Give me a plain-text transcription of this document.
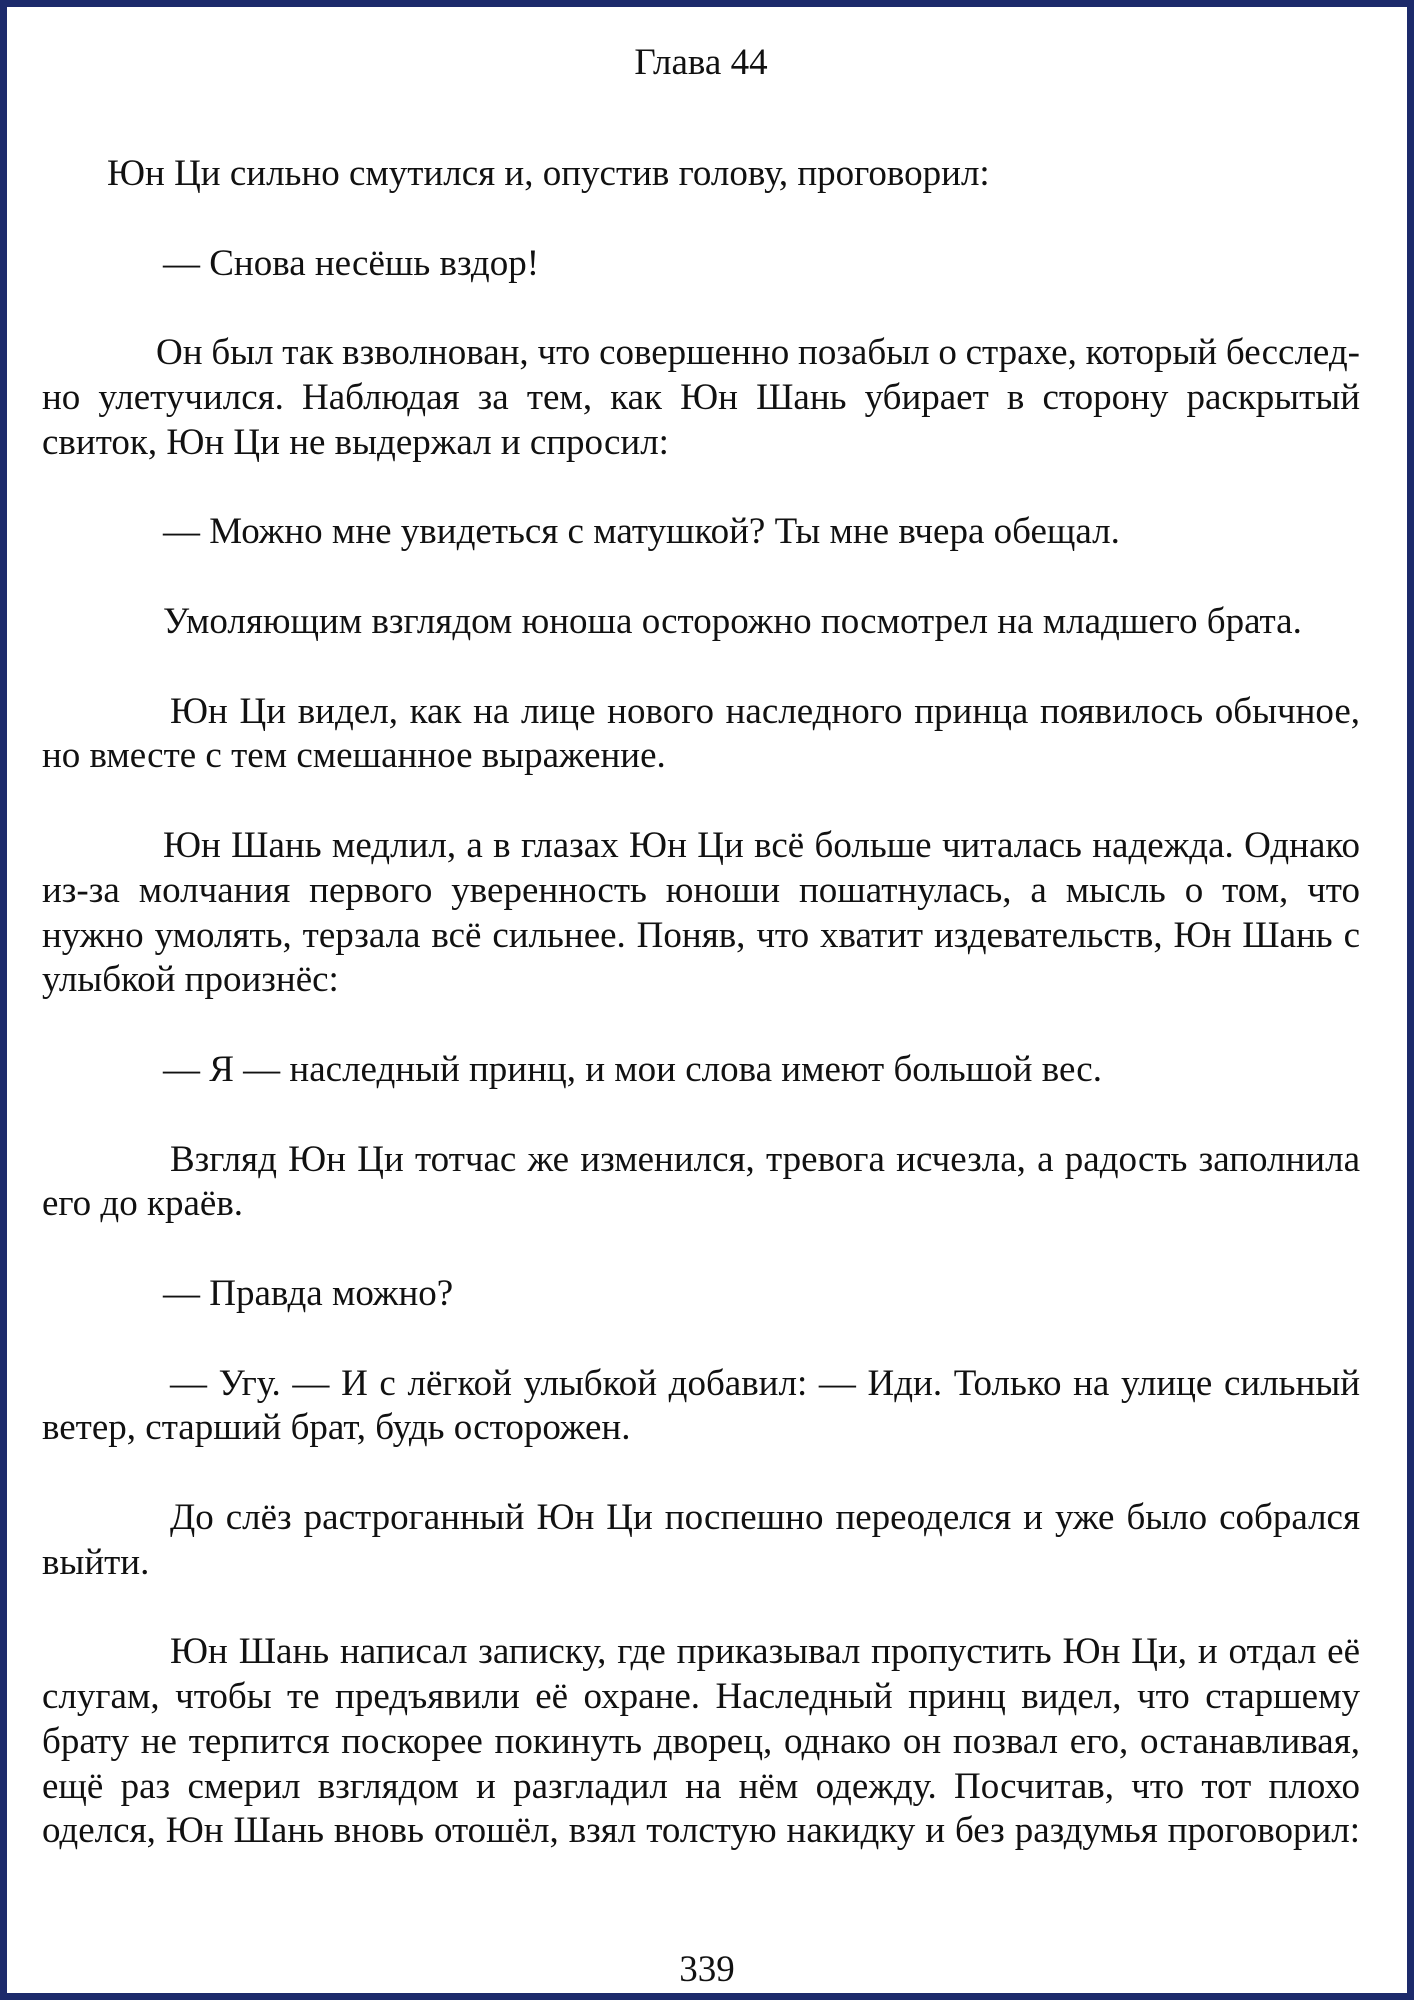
Глава 44
Юн Ци сильно смутился и, опустив голову, проговорил:
— Снова несёшь вздор!
Он был так взволнован, что совершенно позабыл о страхе, который бесслед-
но улетучился. Наблюдая за тем, как Юн Шань убирает в сторону раскрытый
свиток, Юн Ци не выдержал и спросил:
— Можно мне увидеться с матушкой? Ты мне вчера обещал.
Умоляющим взглядом юноша осторожно посмотрел на младшего брата.
Юн Ци видел, как на лице нового наследного принца появилось обычное,
но вместе с тем смешанное выражение.
Юн Шань медлил, а в глазах Юн Ци всё больше читалась надежда. Однако
из-за молчания первого уверенность юноши пошатнулась, а мысль о том, что
нужно умолять, терзала всё сильнее. Поняв, что хватит издевательств, Юн Шань с
улыбкой произнёс:
— Я — наследный принц, и мои слова имеют большой вес.
Взгляд Юн Ци тотчас же изменился, тревога исчезла, а радость заполнила
его до краёв.
— Правда можно?
— Угу. — И с лёгкой улыбкой добавил: — Иди. Только на улице сильный
ветер, старший брат, будь осторожен.
До слёз растроганный Юн Ци поспешно переоделся и уже было собрался
выйти.
Юн Шань написал записку, где приказывал пропустить Юн Ци, и отдал её
слугам, чтобы те предъявили её охране. Наследный принц видел, что старшему
брату не терпится поскорее покинуть дворец, однако он позвал его, останавливая,
ещё раз смерил взглядом и разгладил на нём одежду. Посчитав, что тот плохо
оделся, Юн Шань вновь отошёл, взял толстую накидку и без раздумья проговорил:
339
